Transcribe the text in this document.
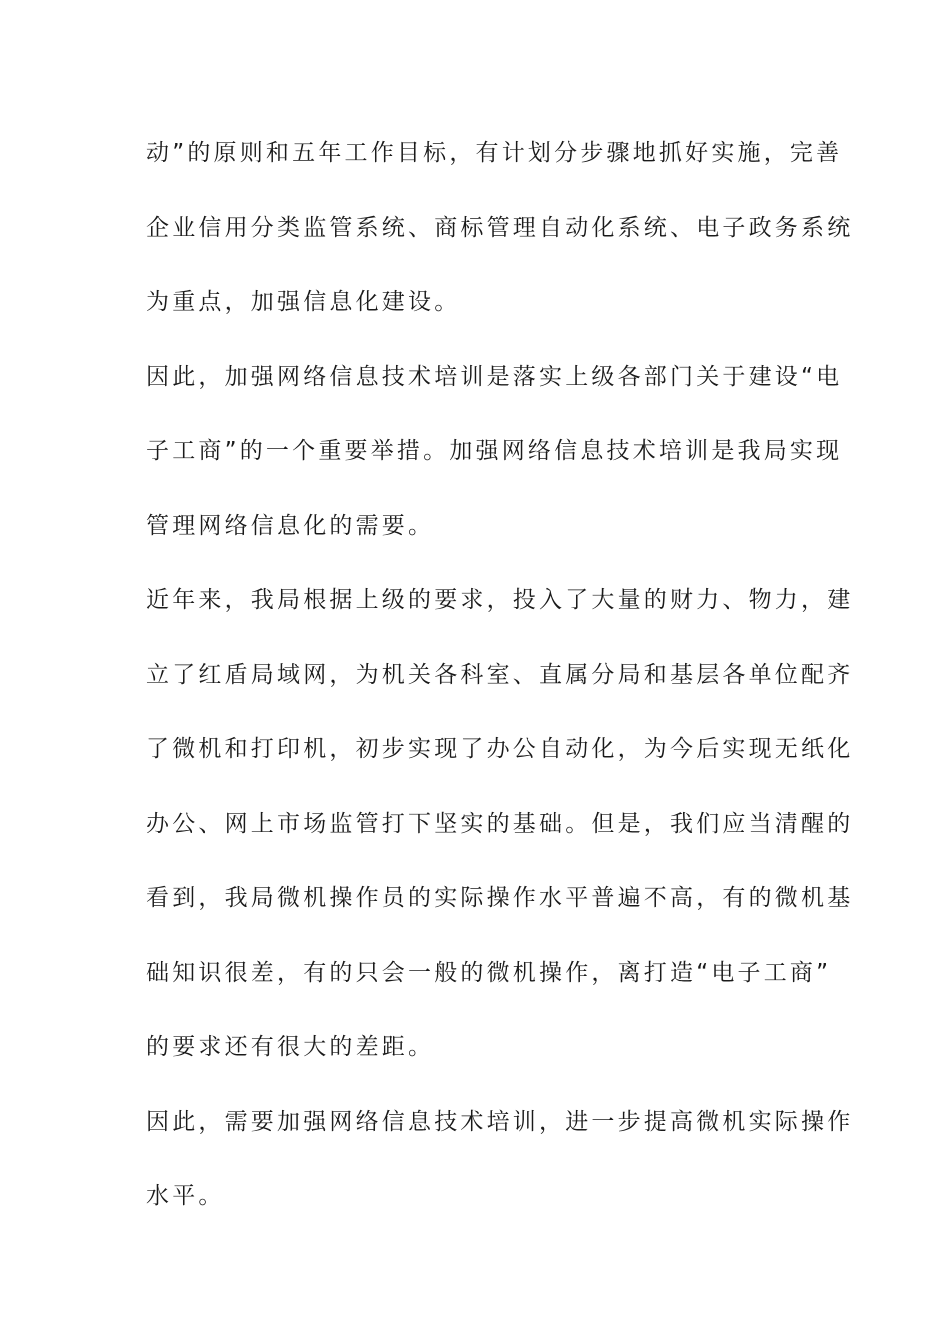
动”的原则和五年工作目标，有计划分步骤地抓好实施，完善
企业信用分类监管系统、商标管理自动化系统、电子政务系统
为重点，加强信息化建设。
因此，加强网络信息技术培训是落实上级各部门关于建设“电
子工商”的一个重要举措。加强网络信息技术培训是我局实现
管理网络信息化的需要。
近年来，我局根据上级的要求，投入了大量的财力、物力，建
立了红盾局域网，为机关各科室、直属分局和基层各单位配齐
了微机和打印机，初步实现了办公自动化，为今后实现无纸化
办公、网上市场监管打下坚实的基础。但是，我们应当清醒的
看到，我局微机操作员的实际操作水平普遍不高，有的微机基
础知识很差，有的只会一般的微机操作，离打造“电子工商”
的要求还有很大的差距。
因此，需要加强网络信息技术培训，进一步提高微机实际操作
水平。
